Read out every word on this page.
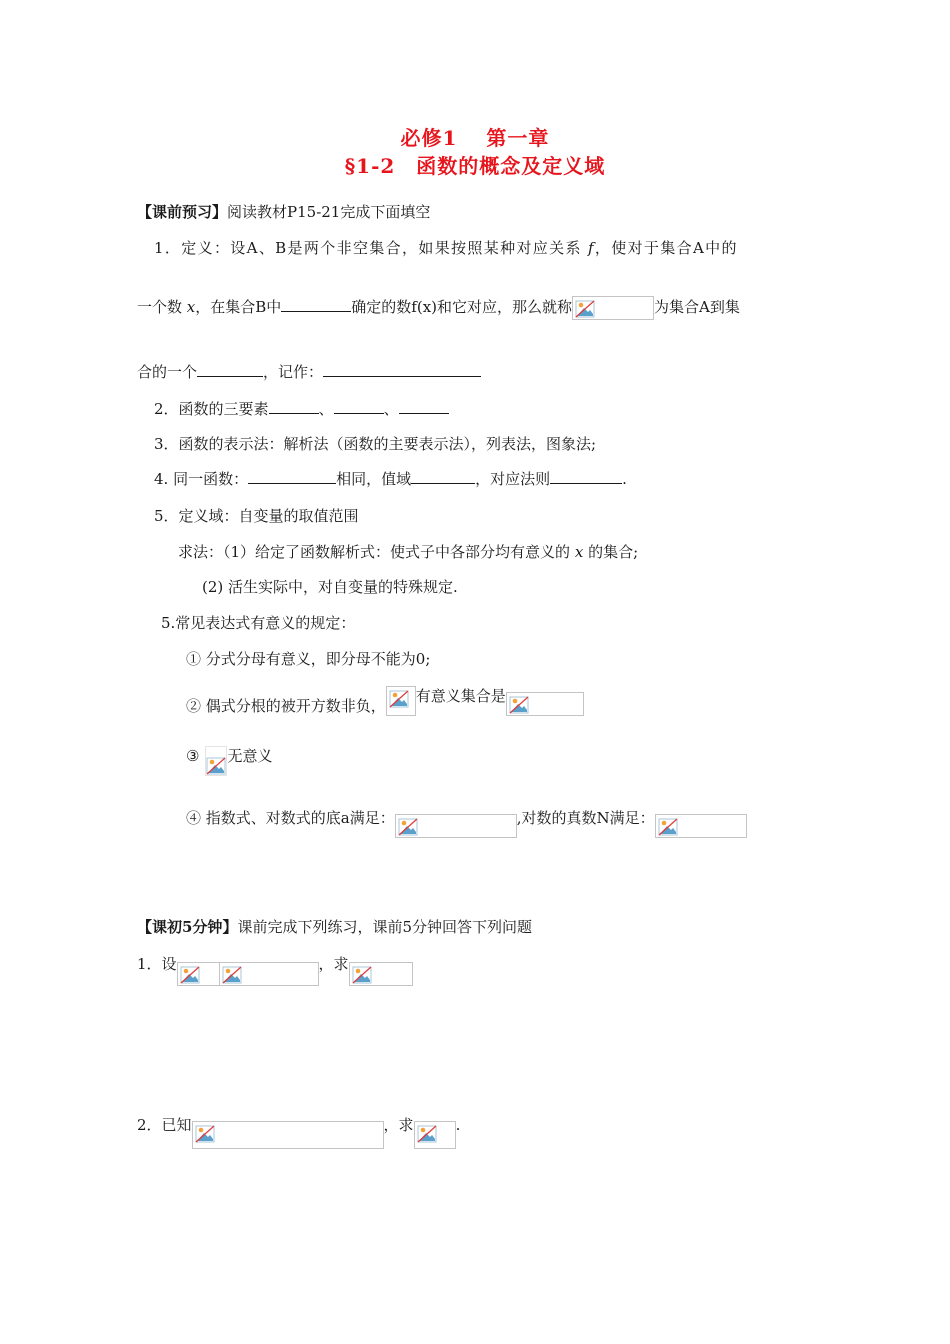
必修1　 第一章
§1-2　函数的概念及定义域
【课前预习】阅读教材P15-21完成下面填空
1．定义：设A、B是两个非空集合，如果按照某种对应关系 f，使对于集合A中的
一个数 x，在集合B中	确定的数f(x)和它对应，那么就称	为集合A到集
合的一个	，记作：
2．函数的三要素	、	、
3．函数的表示法：解析法（函数的主要表示法），列表法，图象法;
4. 同一函数：	相同，值域	，对应法则	.
5．定义域：自变量的取值范围
求法：（1）给定了函数解析式：使式子中各部分均有意义的 x 的集合;
(2) 活生实际中，对自变量的特殊规定.
5.常见表达式有意义的规定：
① 分式分母有意义，即分母不能为0;
② 偶式分根的被开方数非负，
有意义集合是
③ 无意义
④ 指数式、对数式的底a满足：	,对数的真数N满足：
【课初5分钟】课前完成下列练习，课前5分钟回答下列问题
1．设	，求
2．已知	，求	.
